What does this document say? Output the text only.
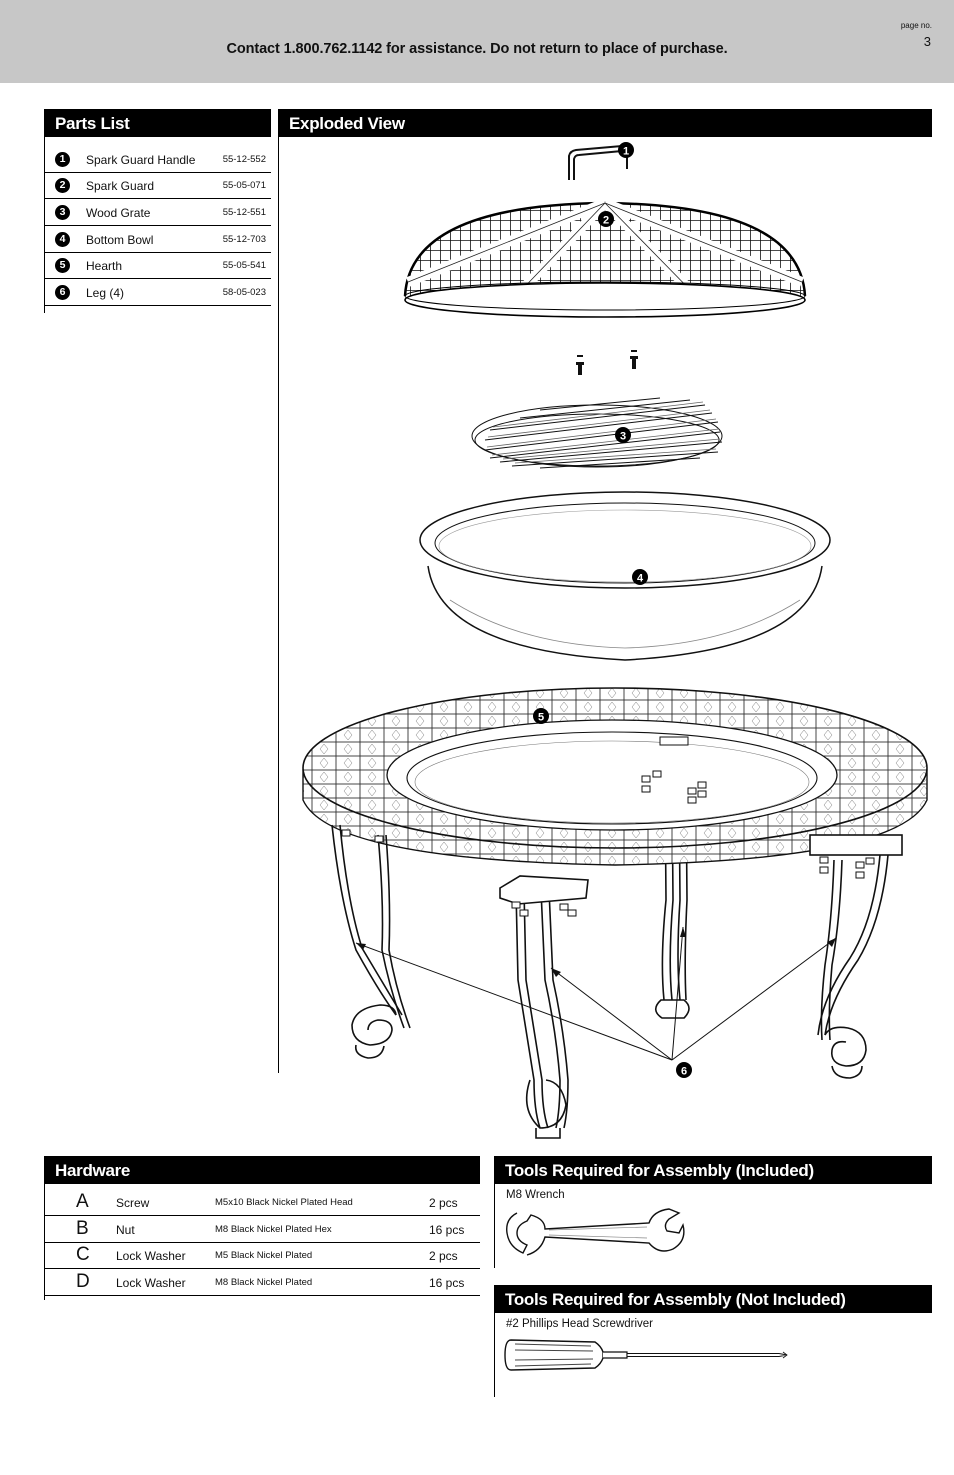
Contact 1.800.762.1142 for assistance. Do not return to place of purchase.
page no.
3
Parts List
1	Spark Guard Handle	55-12-552
2	Spark Guard	55-05-071
3	Wood Grate	55-12-551
4	Bottom Bowl	55-12-703
5	Hearth	55-05-541
6	Leg (4)	58-05-023
Exploded View
1
2
3
4
5
6
Hardware
A Screw	M5x10 Black Nickel Plated Head	2 pcs
B Nut	M8 Black Nickel Plated Hex	16 pcs
C Lock Washer	M5 Black Nickel Plated	2 pcs
D Lock Washer	M8 Black Nickel Plated	16 pcs
Tools Required for Assembly (Included)
M8 Wrench
Tools Required for Assembly (Not Included)
#2 Phillips Head Screwdriver
